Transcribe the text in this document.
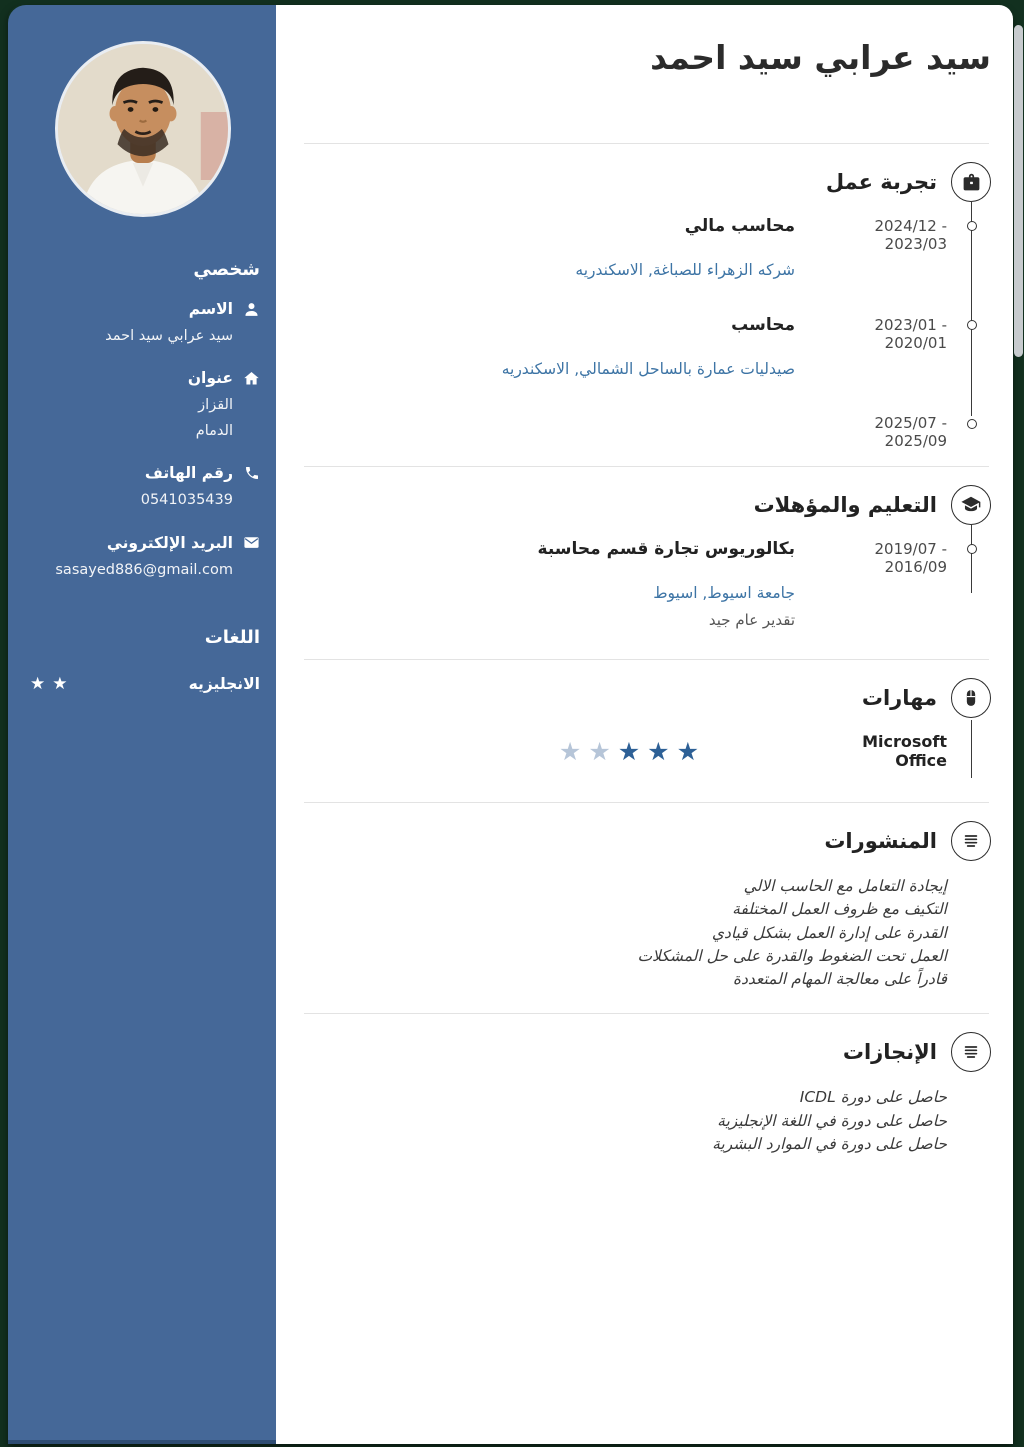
سيد عرابي سيد احمد
تجربة عمل
2024/12 - 2023/03
محاسب مالي
شركه الزهراء للصباغة, الاسكندريه
2023/01 - 2020/01
محاسب
صيدليات عمارة بالساحل الشمالي, الاسكندريه
2025/07 - 2025/09
التعليم والمؤهلات
2019/07 - 2016/09
بكالوريوس تجارة قسم محاسبة
جامعة اسيوط, اسيوط
تقدير عام جيد
مهارات
Microsoft Office
★
★
★
★
★
المنشورات
إيجادة التعامل مع الحاسب الالي
التكيف مع ظروف العمل المختلفة
القدرة على إدارة العمل بشكل قيادي
العمل تحت الضغوط والقدرة على حل المشكلات
قادراً على معالجة المهام المتعددة
الإنجازات
حاصل على دورة ICDL
حاصل على دورة في اللغة الإنجليزية
حاصل على دورة في الموارد البشرية
شخصي
الاسم
سيد عرابي سيد احمد
عنوان
القزاز
الدمام
رقم الهاتف
0541035439
البريد الإلكتروني
sasayed886@gmail.com
اللغات
الانجليزيه
★
★
